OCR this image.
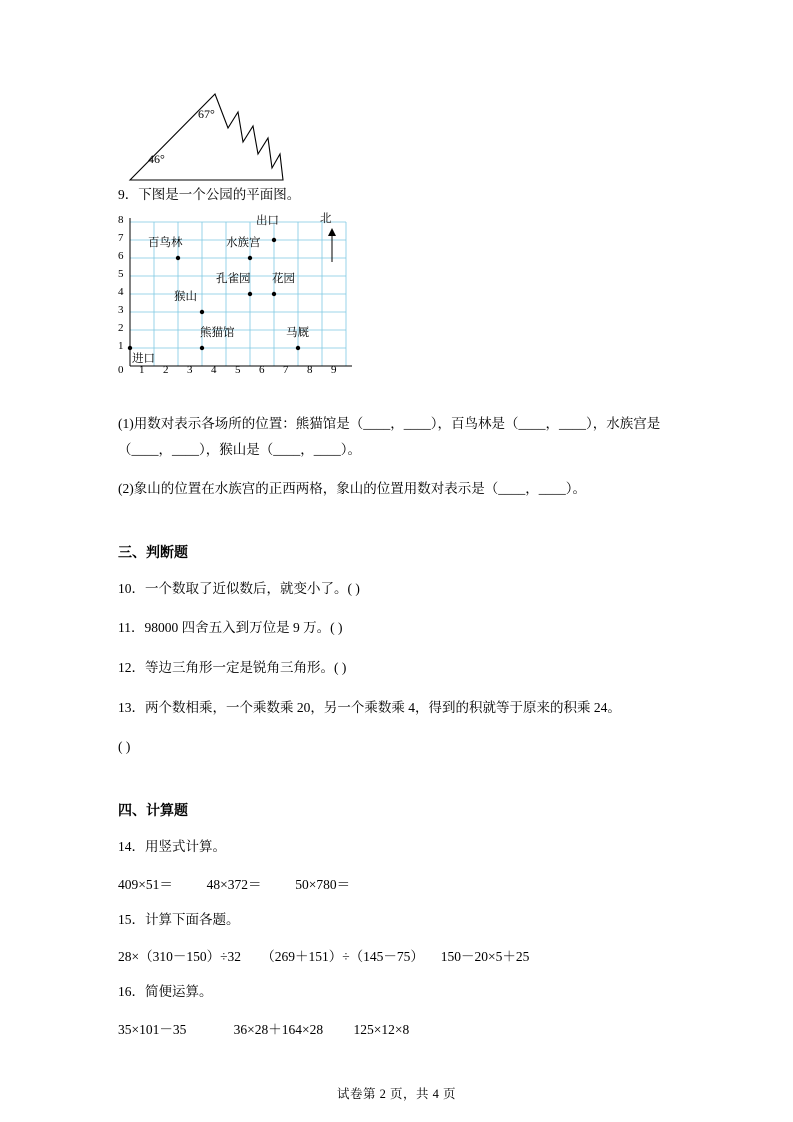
67°
46°

9．下图是一个公园的平面图。

出口
百鸟林	水族宫
孔雀园 花园
猴山
熊猫馆	马厩
进口
8
7
6
5
4
3
2
1
0 1 2 3 4 5 6 7 8 9
北

(1)用数对表示各场所的位置：熊猫馆是（____，____），百鸟林是（____，____），水族宫是（____，____），猴山是（____，____）。

(2)象山的位置在水族宫的正西两格，象山的位置用数对表示是（____，____）。

三、判断题

10．一个数取了近似数后，就变小了。( )

11．98000 四舍五入到万位是 9 万。( )

12．等边三角形一定是锐角三角形。( )

13．两个数相乘，一个乘数乘 20，另一个乘数乘 4，得到的积就等于原来的积乘 24。

( )

四、计算题

14．用竖式计算。

409×51＝          48×372＝          50×780＝

15．计算下面各题。

28×（310－150）÷32      （269＋151）÷（145－75）     150－20×5＋25

16．简便运算。

35×101－35              36×28＋164×28         125×12×8

试卷第 2 页，共 4 页
